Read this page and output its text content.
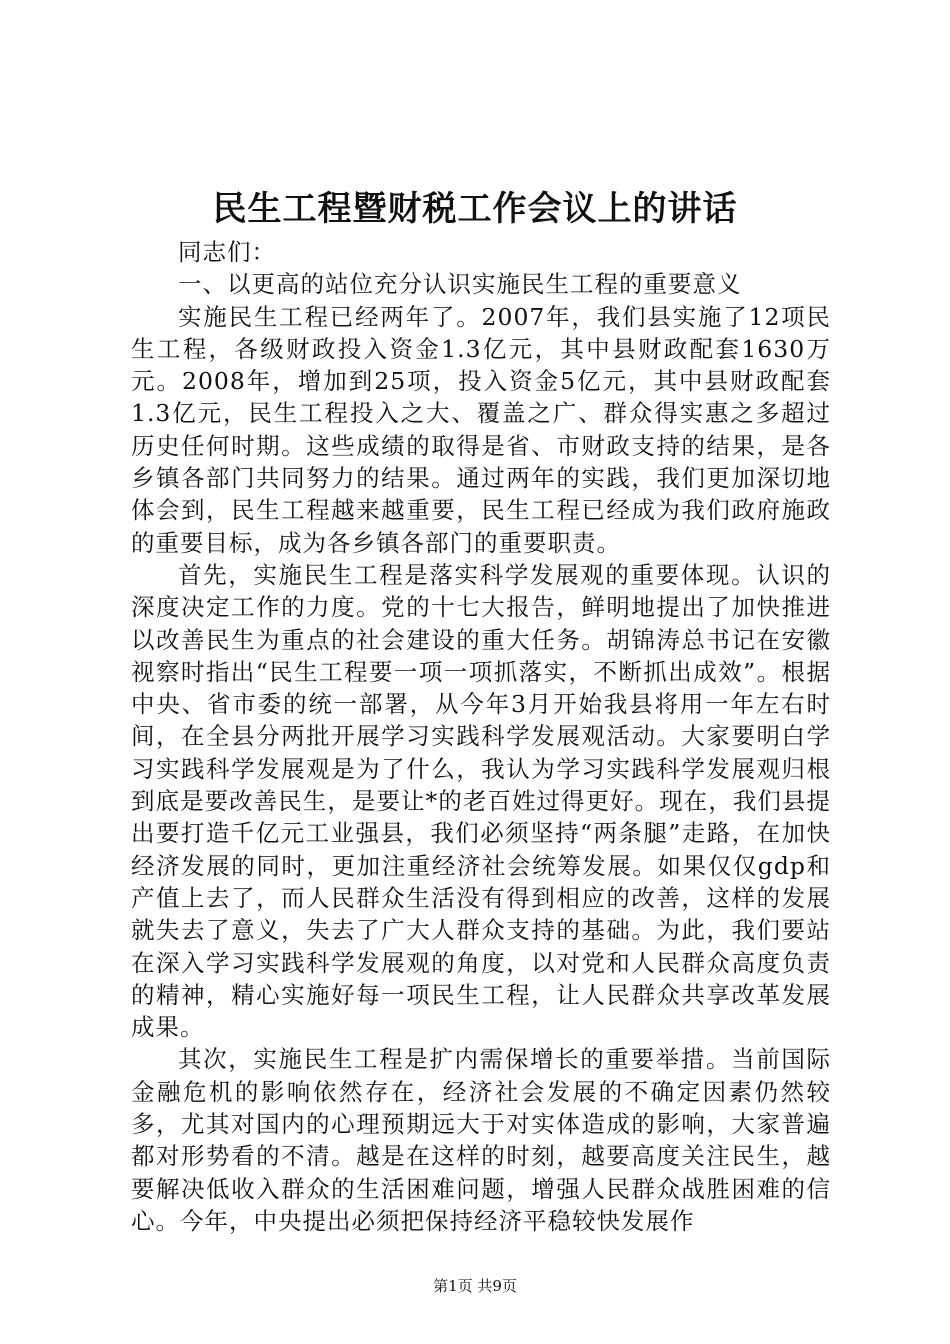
民生工程暨财税工作会议上的讲话

同志们：

一、以更高的站位充分认识实施民生工程的重要意义

实施民生工程已经两年了。2007年，我们县实施了12项民生工程，各级财政投入资金1.3亿元，其中县财政配套1630万元。2008年，增加到25项，投入资金5亿元，其中县财政配套1.3亿元，民生工程投入之大、覆盖之广、群众得实惠之多超过历史任何时期。这些成绩的取得是省、市财政支持的结果，是各乡镇各部门共同努力的结果。通过两年的实践，我们更加深切地体会到，民生工程越来越重要，民生工程已经成为我们政府施政的重要目标，成为各乡镇各部门的重要职责。

首先，实施民生工程是落实科学发展观的重要体现。认识的深度决定工作的力度。党的十七大报告，鲜明地提出了加快推进以改善民生为重点的社会建设的重大任务。胡锦涛总书记在安徽视察时指出“民生工程要一项一项抓落实，不断抓出成效”。根据中央、省市委的统一部署，从今年3月开始我县将用一年左右时间，在全县分两批开展学习实践科学发展观活动。大家要明白学习实践科学发展观是为了什么，我认为学习实践科学发展观归根到底是要改善民生，是要让*的老百姓过得更好。现在，我们县提出要打造千亿元工业强县，我们必须坚持“两条腿”走路，在加快经济发展的同时，更加注重经济社会统筹发展。如果仅仅gdp和产值上去了，而人民群众生活没有得到相应的改善，这样的发展就失去了意义，失去了广大人群众支持的基础。为此，我们要站在深入学习实践科学发展观的角度，以对党和人民群众高度负责的精神，精心实施好每一项民生工程，让人民群众共享改革发展成果。

其次，实施民生工程是扩内需保增长的重要举措。当前国际金融危机的影响依然存在，经济社会发展的不确定因素仍然较多，尤其对国内的心理预期远大于对实体造成的影响，大家普遍都对形势看的不清。越是在这样的时刻，越要高度关注民生，越要解决低收入群众的生活困难问题，增强人民群众战胜困难的信心。今年，中央提出必须把保持经济平稳较快发展作

第1页 共9页
